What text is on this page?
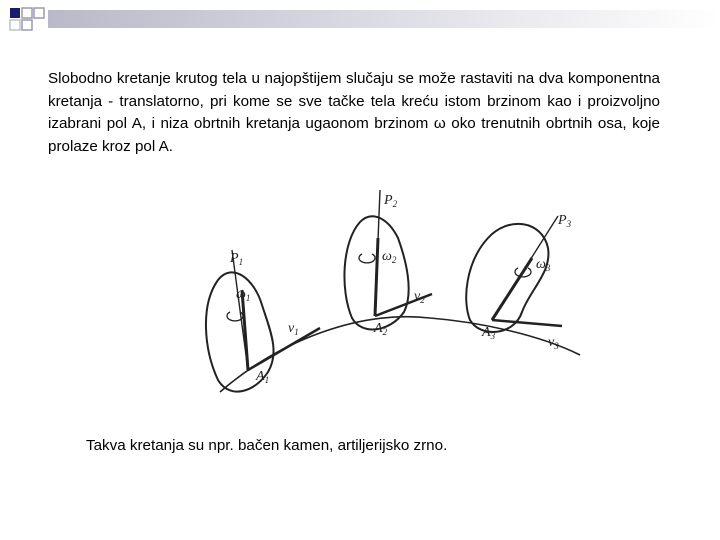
Slobodno kretanje krutog tela u najopštijem slučaju se može rastaviti na dva komponentna kretanja - translatorno, pri kome se sve tačke tela kreću istom brzinom kao i proizvoljno izabrani pol A, i niza obrtnih kretanja ugaonom brzinom ω oko trenutnih obrtnih osa, koje prolaze kroz pol A.
$P_1$
$\omega_1$
$A_1$
$v_1$
$P_2$
$\omega_2$
$A_2$
$v_2$
$P_3$
$\omega_3$
$A_3$	$v_3$
Takva kretanja su npr. bačen kamen, artiljerijsko zrno.
